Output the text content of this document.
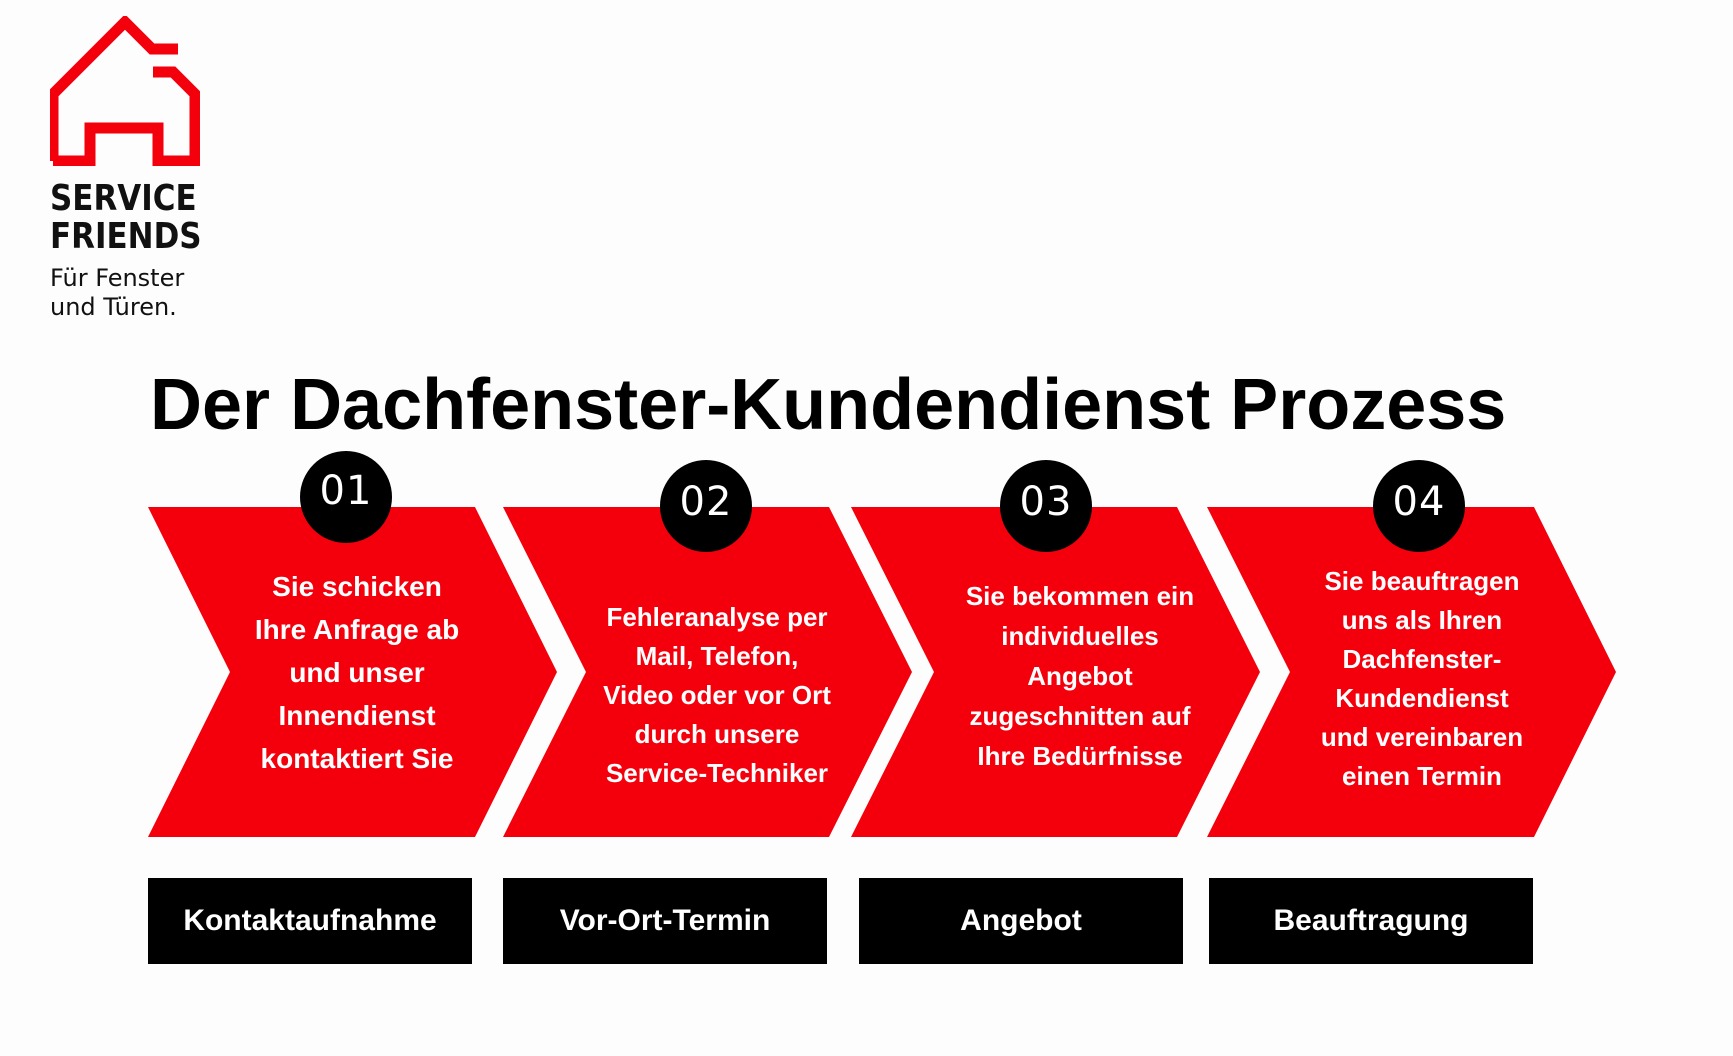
SERVICE
FRIENDS
Für Fenster
und Türen.
Der Dachfenster-Kundendienst Prozess
01	02	03	04
Sie schicken
Ihre Anfrage ab
und unser
Innendienst
kontaktiert Sie
Fehleranalyse per
Mail, Telefon,
Video oder vor Ort
durch unsere
Service-Techniker
Sie bekommen ein
individuelles
Angebot
zugeschnitten auf
Ihre Bedürfnisse
Sie beauftragen
uns als Ihren
Dachfenster-
Kundendienst
und vereinbaren
einen Termin
Kontaktaufnahme	Vor-Ort-Termin	Angebot	Beauftragung
